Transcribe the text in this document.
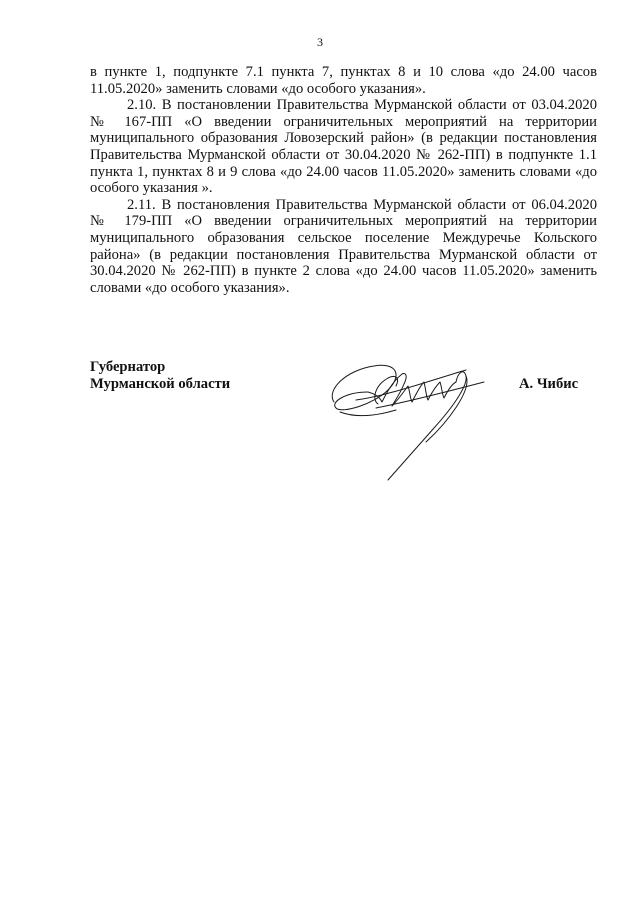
3

в пункте 1, подпункте 7.1 пункта 7, пунктах 8 и 10 слова «до 24.00 часов 11.05.2020» заменить словами «до особого указания».

2.10. В постановлении Правительства Мурманской области от 03.04.2020 № 167-ПП «О введении ограничительных мероприятий на территории муниципального образования Ловозерский район» (в редакции постановления Правительства Мурманской области от 30.04.2020 № 262-ПП) в подпункте 1.1 пункта 1, пунктах 8 и 9 слова «до 24.00 часов 11.05.2020» заменить словами «до особого указания ».

2.11. В постановления Правительства Мурманской области от 06.04.2020 № 179-ПП «О введении ограничительных мероприятий на территории муниципального образования сельское поселение Междуречье Кольского района» (в редакции постановления Правительства Мурманской области от 30.04.2020 № 262-ПП) в пункте 2 слова «до 24.00 часов 11.05.2020» заменить словами «до особого указания».

Губернатор
Мурманской области	А. Чибис
